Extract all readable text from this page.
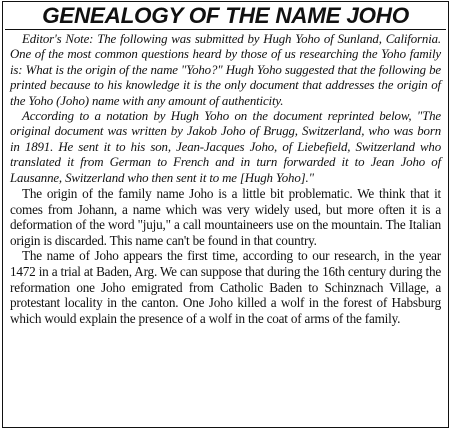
GENEALOGY OF THE NAME JOHO

Editor's Note: The following was submitted by Hugh Yoho of Sunland, California. One of the most common questions heard by those of us researching the Yoho family is: What is the origin of the name "Yoho?" Hugh Yoho suggested that the following be printed because to his knowledge it is the only document that addresses the origin of the Yoho (Joho) name with any amount of authenticity.

According to a notation by Hugh Yoho on the document reprinted below, "The original document was written by Jakob Joho of Brugg, Switzerland, who was born in 1891. He sent it to his son, Jean-Jacques Joho, of Liebefield, Switzerland who translated it from German to French and in turn forwarded it to Jean Joho of Lausanne, Switzerland who then sent it to me [Hugh Yoho]."

The origin of the family name Joho is a little bit problematic. We think that it comes from Johann, a name which was very widely used, but more often it is a deformation of the word "juju," a call mountaineers use on the mountain. The Italian origin is discarded. This name can't be found in that country.

The name of Joho appears the first time, according to our research, in the year 1472 in a trial at Baden, Arg. We can suppose that during the 16th century during the reformation one Joho emigrated from Catholic Baden to Schinznach Village, a protestant locality in the canton. One Joho killed a wolf in the forest of Habsburg which would explain the presence of a wolf in the coat of arms of the family.
